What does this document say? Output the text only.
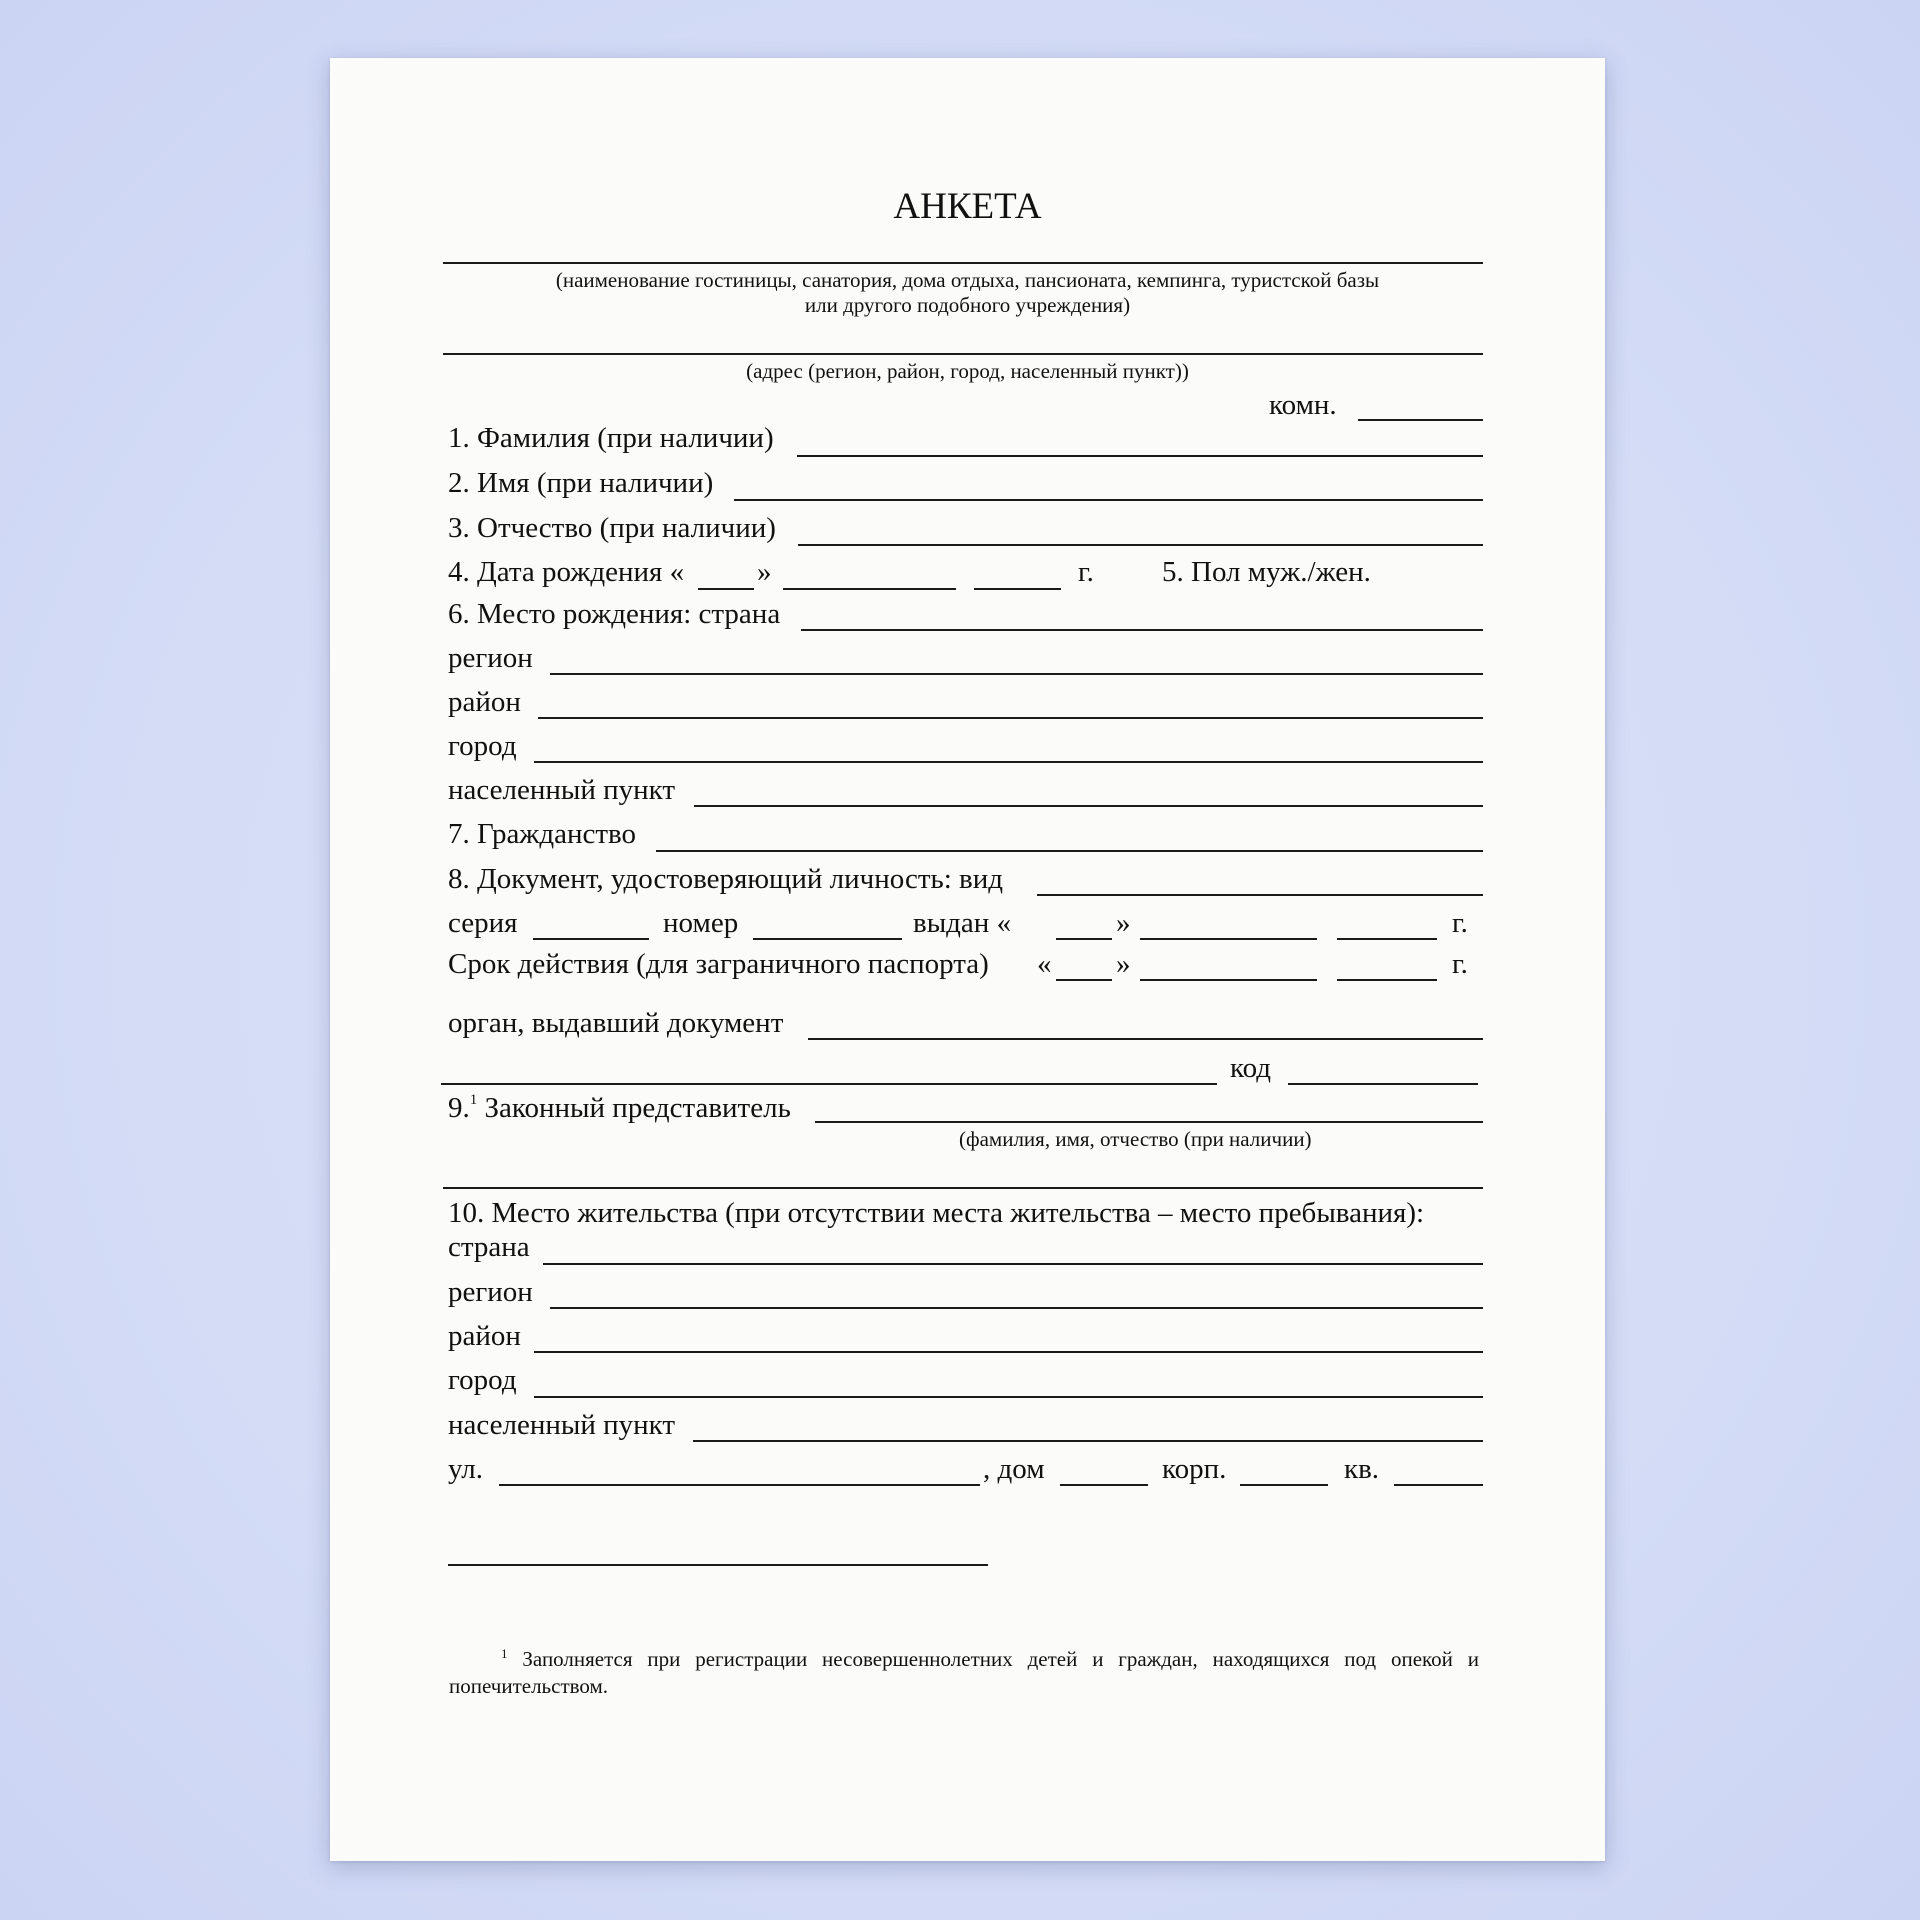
АНКЕТА
(наименование гостиницы, санатория, дома отдыха, пансионата, кемпинга, туристской базы
или другого подобного учреждения)
(адрес (регион, район, город, населенный пункт))
комн.
1. Фамилия (при наличии)
2. Имя (при наличии)
3. Отчество (при наличии)
4. Дата рождения «	»	г. 5. Пол муж./жен.
6. Место рождения: страна
регион
район
город
населенный пункт
7. Гражданство
8. Документ, удостоверяющий личность: вид
серия	номер	выдан «	»	г.
Срок действия (для заграничного паспорта) « »	г.
орган, выдавший документ
код
9.$^1$ Законный представитель
(фамилия, имя, отчество (при наличии)
10. Место жительства (при отсутствии места жительства – место пребывания):
страна
регион
район
город
населенный пункт
ул.	, дом	корп.	кв.
$^1$ Заполняется при регистрации несовершеннолетних детей и граждан, находящихся под опекой и попечительством.
